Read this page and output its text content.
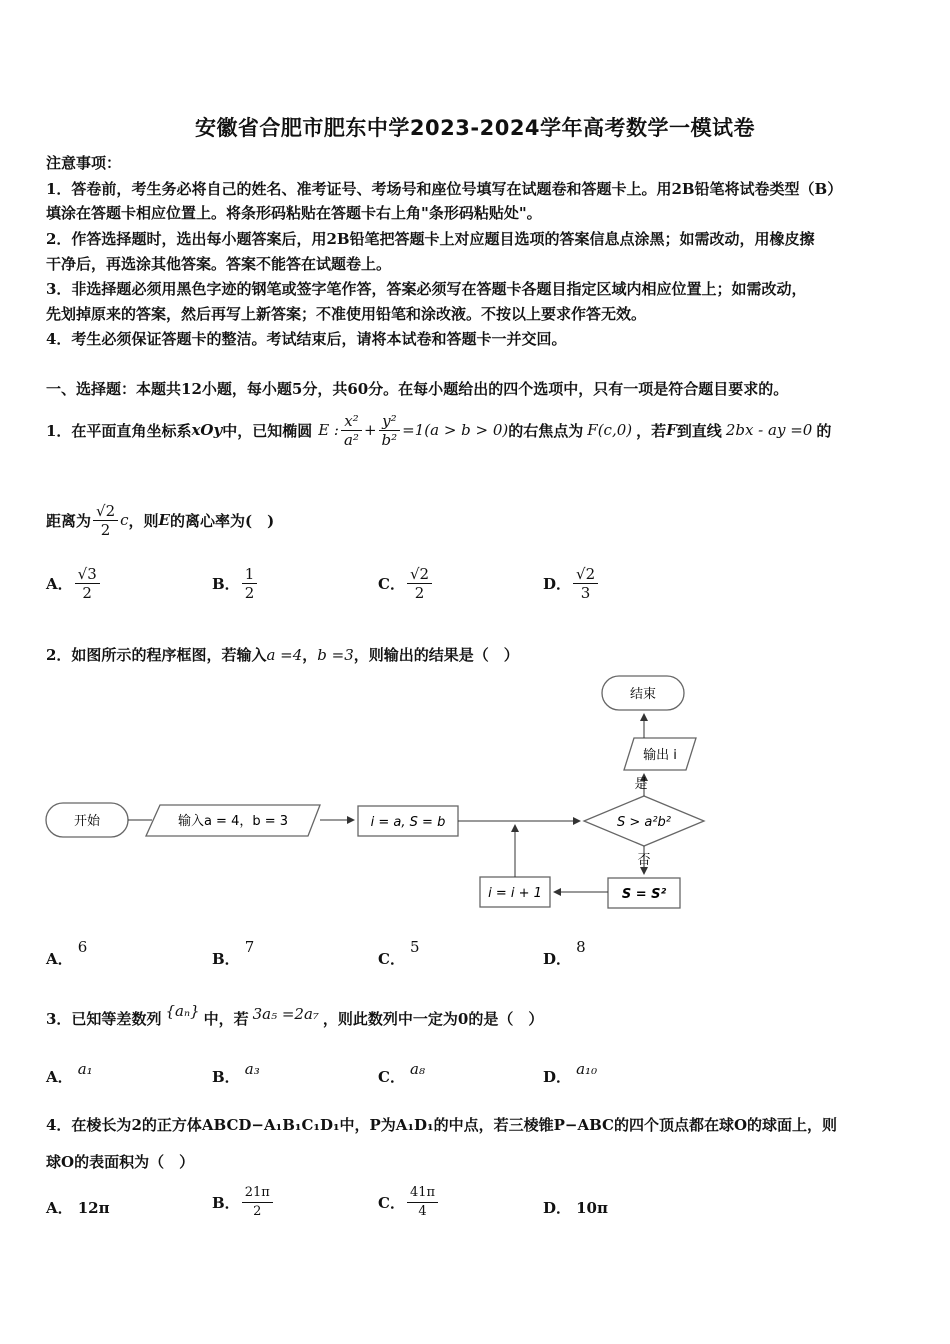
安徽省合肥市肥东中学2023-2024学年高考数学一模试卷
注意事项：
1．答卷前，考生务必将自己的姓名、准考证号、考场号和座位号填写在试题卷和答题卡上。用2B铅笔将试卷类型（B）
填涂在答题卡相应位置上。将条形码粘贴在答题卡右上角"条形码粘贴处"。
2．作答选择题时，选出每小题答案后，用2B铅笔把答题卡上对应题目选项的答案信息点涂黑；如需改动，用橡皮擦
干净后，再选涂其他答案。答案不能答在试题卷上。
3．非选择题必须用黑色字迹的钢笔或签字笔作答，答案必须写在答题卡各题目指定区域内相应位置上；如需改动，
先划掉原来的答案，然后再写上新答案；不准使用铅笔和涂改液。不按以上要求作答无效。
4．考生必须保证答题卡的整洁。考试结束后，请将本试卷和答题卡一并交回。
一、选择题：本题共12小题，每小题5分，共60分。在每小题给出的四个选项中，只有一项是符合题目要求的。
1．在平面直角坐标系 xOy 中，已知椭圆 E : $\frac{\text{x²}}{\text{a²}} + \frac{\text{y²}}{\text{b²}} =1(a > b > 0)$ 的右焦点为 F(c,0) ，若 F 到直线 2bx - ay =0 的
距离为 $\frac{√2}{2}$ c ，则 E 的离心率为(　)
A． $\frac{√3}{2}$	B． $\frac{1}{2}$	C． $\frac{√2}{2}$	D． $\frac{√2}{3}$
2．如图所示的程序框图，若输入a =4，b =3，则输出的结果是（　）
开始	输入a = 4，b = 3	i = a, S = b	S > a²b²
是
输出 i
结束
否
S = S²
i = i + 1
A． 6
B． 7
C． 5
D． 8
3．已知等差数列 {aₙ} 中，若 3a₅ =2a₇ ，则此数列中一定为0的是（　）
A． a₁	B． a₃	C． a₈	D． a₁₀
4．在棱长为2的正方体ABCD−A₁B₁C₁D₁中，P为A₁D₁的中点，若三棱锥P−ABC的四个顶点都在球O的球面上，则
球O的表面积为（　）
A． 12π	B． $\frac{21\pi}{2}$	C． $\frac{41\pi}{4}$	D． 10π
